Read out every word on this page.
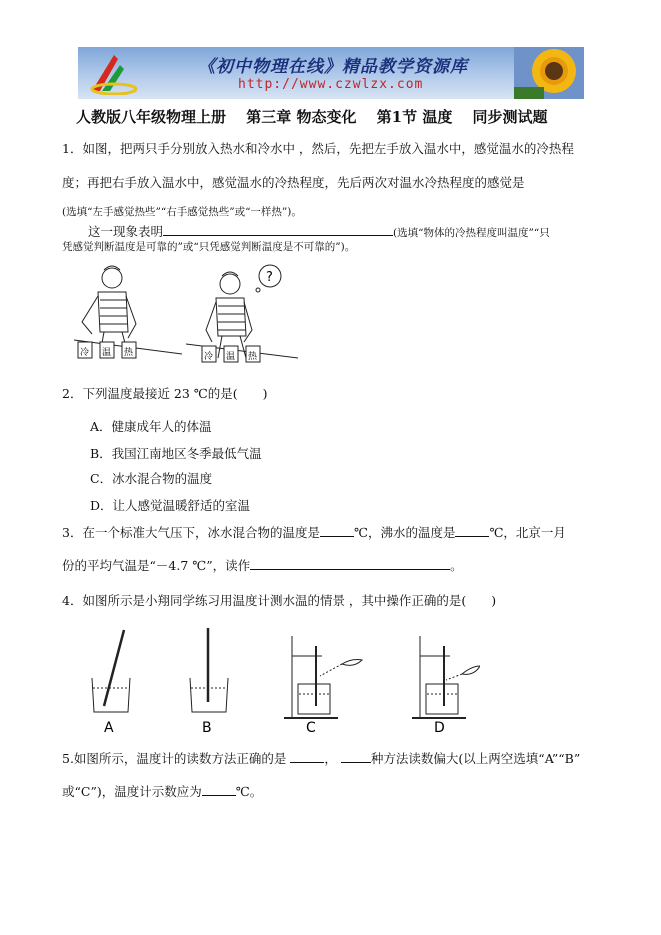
《初中物理在线》精品教学资源库
http://www.czwlzx.com
人教版八年级物理上册　 第三章 物态变化　 第1节 温度　 同步测试题
1．如图，把两只手分别放入热水和冷水中 ，然后，先把左手放入温水中，感觉温水的冷热程
度；再把右手放入温水中，感觉温水的冷热程度，先后两次对温水冷热程度的感觉是
(选填“左手感觉热些”“右手感觉热些”或“一样热”)。
这一现象表明	(选填“物体的冷热程度叫温度”“只
凭感觉判断温度是可靠的”或“只凭感觉判断温度是不可靠的”)。
冷 温 热
?
冷 温 热
2．下列温度最接近 23 ℃的是(　　)
A．健康成年人的体温
B．我国江南地区冬季最低气温
C．冰水混合物的温度
D．让人感觉温暖舒适的室温
3．在一个标准大气压下，冰水混合物的温度是	℃，沸水的温度是	℃，北京一月
份的平均气温是“－4.7 ℃”，读作	。
4．如图所示是小翔同学练习用温度计测水温的情景 ，其中操作正确的是(　　)
A	B	C	D
5.如图所示，温度计的读数方法正确的是	，	种方法读数偏大(以上两空选填“A”“B”
或“C”)，温度计示数应为	℃。
